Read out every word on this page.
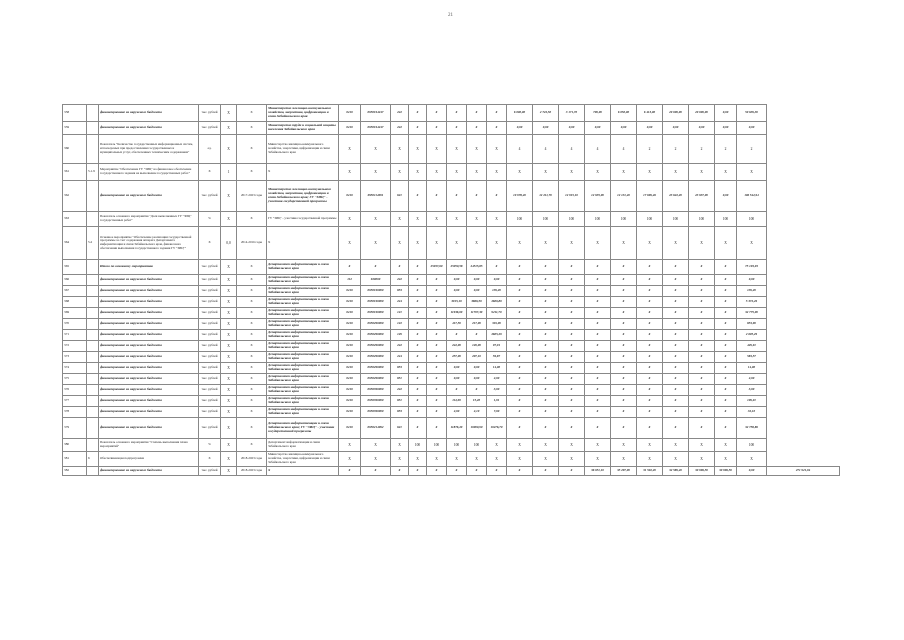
21
358		финансирование из окружного бюджета	тыс. рублей	Х	Х	Министерство жилищно-коммунального хозяйства, энергетики, цифровизации и связи Забайкальского края	0410	0950194247	242	Х	Х	Х	Х	Х	6 000,00	2 722,50	3 171,70	700,00	6 050,00	6 413,00	20 000,00	20 000,00	0,00	50 639,30	
359		финансирование из окружного бюджета	тыс. рублей	Х	Х	Министерство труда и социальной защиты населения Забайкальского края	0410	0950194247	242	Х	Х	Х	Х	Х	0,00	0,00	0,00	0,00	0,00	0,00	0,00	0,00	0,00	0,00	
360		Показатель "Количество государственных информационных систем, используемых при предоставлении государственных и муниципальных услуг, обеспеченных техническим содержанием"	ед.	Х	Х	Министерство жилищно-коммунального хозяйства, энергетики, цифровизации и связи Забайкальского края	Х	Х	Х	Х	Х	Х	Х	Х	4	4	4	4	4	2	2	2	2	2	
361	5.1.9	Мероприятие "Обеспечение ГУ "ЗИЦ" на финансовое обеспечение государственного задания на выполнение государственных работ"	Х	1	Х	Х	Х	Х	Х	Х	Х	Х	Х	Х	Х	Х	Х	Х	Х	Х	Х	Х	Х	Х	
362		финансирование из окружного бюджета	тыс. рублей	Х	2017-2023 годы	Министерство жилищно-коммунального хозяйства, энергетики, цифровизации и связи Забайкальского края; ГУ "ЗИЦ" - участник государственной программы	0410	0950114091	621	Х	Х	Х	Х	Х	10 978,40	12 211,70	12 915,10	12 935,00	12 131,40	17 699,46	23 622,20	23 937,00	0,00	106 542,94	
363		Показатель основного мероприятия "Доля выполненных ГУ "ЗИЦ" государственных работ"	%	Х	Х	ГУ "ЗИЦ" - участник государственной программы	Х	Х	Х	Х	Х	Х	Х	Х	100	100	100	100	100	100	100	100	100	100	
364	5.2	Основное мероприятие "Обеспечение реализации государственной программы за счет содержания аппарата Департамента информатизации и связи Забайкальского края, финансового обеспечения выполнения государственного задания ГУ "ЗИЦ""	Х	0,0	2014-2016 годы	Х	Х	Х	Х	Х	Х	Х	Х	Х	Х	Х	Х	Х	Х	Х	Х	Х	Х	Х	
365		Итого по основному мероприятию	тыс. рублей	Х	Х	Департамент информатизации и связи Забайкальского края	Х	Х	Х	Х	25037,60	25050,58	24515,85	Х	Х	Х	Х	Х	Х	Х	Х	Х	Х	75 103,03	
366		финансирование из окружного бюджета	тыс. рублей	Х	Х	Департамент информатизации и связи Забайкальского края	112	920000	242	Х	Х	0,00	0,00	0,00	Х	Х	Х	Х	Х	Х	Х	Х	Х	0,00	
367		финансирование из окружного бюджета	тыс. рублей	Х	Х	Департамент информатизации и связи Забайкальского края	0410	0950190000	853	Х	Х	0,00	0,00	139,20	Х	Х	Х	Х	Х	Х	Х	Х	Х	139,20	
368		финансирование из окружного бюджета	тыс. рублей	Х	Х	Департамент информатизации и связи Забайкальского края	0410	0950190000	244	Х	Х	3915,10	3866,50	2600,80	Х	Х	Х	Х	Х	Х	Х	Х	Х	5 372,49	
369		финансирование из окружного бюджета	тыс. рублей	Х	Х	Департамент информатизации и связи Забайкальского края	0410	0950190000	121	Х	Х	11936,00	11707,30	9211,70	Х	Х	Х	Х	Х	Х	Х	Х	Х	32 775,00	
370		финансирование из окружного бюджета	тыс. рублей	Х	Х	Департамент информатизации и связи Забайкальского края	0410	0950290000	122	Х	Х	417,50	217,00	319,00	Х	Х	Х	Х	Х	Х	Х	Х	Х	853,90	
371		финансирование из окружного бюджета	тыс. рублей	Х	Х	Департамент информатизации и связи Забайкальского края	0410	0950290000	129	Х	Х	Х	Х	2605,29	Х	Х	Х	Х	Х	Х	Х	Х	Х	2 605,29	
372		финансирование из окружного бюджета	тыс. рублей	Х	Х	Департамент информатизации и связи Забайкальского края	0410	0950290000	242	Х	Х	242,00	120,00	97,91	Х	Х	Х	Х	Х	Х	Х	Х	Х	429,91	
373		финансирование из окружного бюджета	тыс. рублей	Х	Х	Департамент информатизации и связи Забайкальского края	0410	0950290000	244	Х	Х	257,00	207,10	59,87	Х	Х	Х	Х	Х	Х	Х	Х	Х	583,57	
374		финансирование из окружного бюджета	тыс. рублей	Х	Х	Департамент информатизации и связи Забайкальского края	0410	0950290000	853	Х	Х	0,00	0,00	14,00	Х	Х	Х	Х	Х	Х	Х	Х	Х	14,00	
375		финансирование из окружного бюджета	тыс. рублей	Х	Х	Департамент информатизации и связи Забайкальского края	0410	0950290000	851	Х	Х	0,00	0,00	2,00	Х	Х	Х	Х	Х	Х	Х	Х	Х	2,00	
376		финансирование из окружного бюджета	тыс. рублей	Х	Х	Департамент информатизации и связи Забайкальского края	0410	0950390000	242	Х	Х	Х	Х	3,00	Х	Х	Х	Х	Х	Х	Х	Х	Х	3,00	
377		финансирование из окружного бюджета	тыс. рублей	Х	Х	Департамент информатизации и связи Забайкальского края	0410	0950390000	851	Х	Х	112,00	15,20	1,91	Х	Х	Х	Х	Х	Х	Х	Х	Х	109,01	
378		финансирование из окружного бюджета	тыс. рублей	Х	Х	Департамент информатизации и связи Забайкальского края	0410	0950390000	853	Х	Х	2,00	2,10	7,00	Х	Х	Х	Х	Х	Х	Х	Х	Х	32,10	
379		финансирование из окружного бюджета	тыс. рублей	Х	Х	Департамент информатизации и связи Забайкальского края; ГУ "ЗИЦ" - участник государственной программы	0410	0950214092	621	Х	Х	11876,20	10000,90	10476,70	Х	Х	Х	Х	Х	Х	Х	Х	Х	32 758,86	
380		Показатель основного мероприятия "Степень выполнения плана мероприятий"	%	Х	Х	Департамент информатизации и связи Забайкальского края	Х	Х	Х	100	100	100	100	Х	Х	Х	Х	Х	Х	Х	Х	Х	Х	100	
381	6	Обеспечивающая подпрограмма	Х	Х	2018-2023 годы	Министерство жилищно-коммунального хозяйства, энергетики, цифровизации и связи Забайкальского края	Х	Х	Х	Х	Х	Х	Х	Х	Х	Х	Х	Х	Х	Х	Х	Х	Х	Х	
382		финансирование из окружного бюджета	тыс. рублей	Х	2018-2023 годы	Х	Х	Х	Х	Х	Х	Х	Х	Х	Х	Х	Х	36 051,10	35 297,00	31 502,20	32 589,40	30 996,50	30 996,50	0,00	271 921,94
